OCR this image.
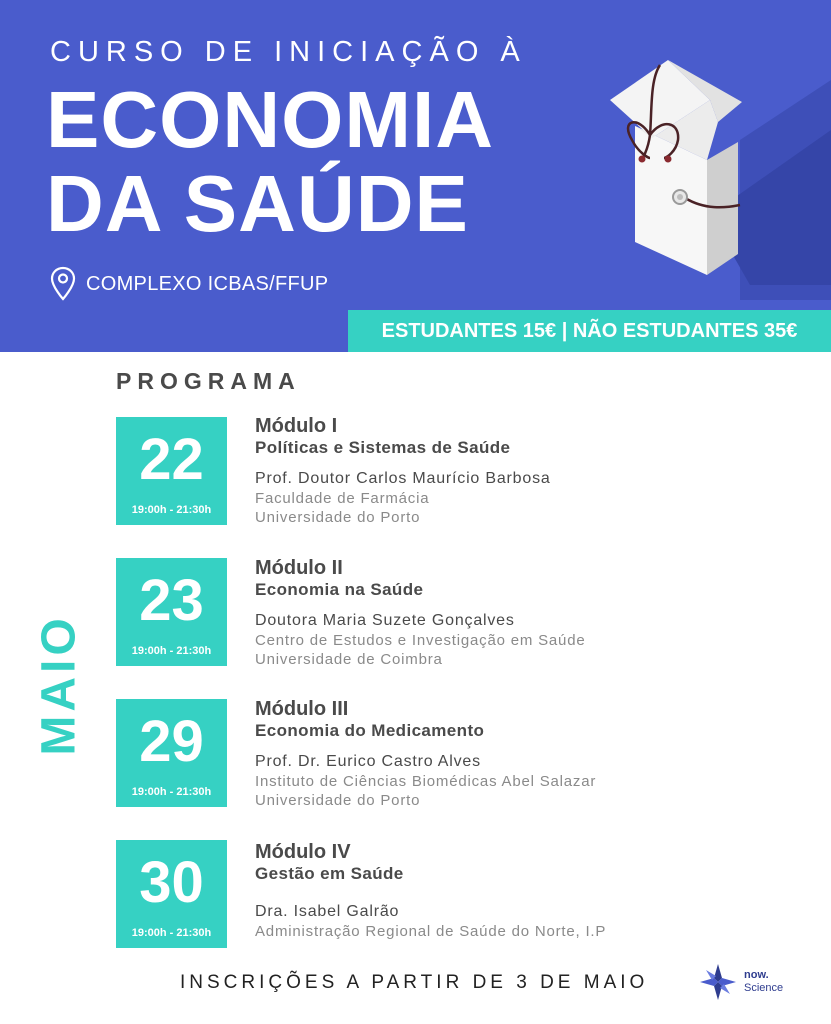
CURSO DE INICIAÇÃO À
ECONOMIA
DA SAÚDE
COMPLEXO ICBAS/FFUP
ESTUDANTES 15€ | NÃO ESTUDANTES 35€
PROGRAMA
MAIO
22
19:00h - 21:30h
Módulo I
Políticas e Sistemas de Saúde
Prof. Doutor Carlos Maurício Barbosa
Faculdade de Farmácia
Universidade do Porto
23
19:00h - 21:30h
Módulo II
Economia na Saúde
Doutora Maria Suzete Gonçalves
Centro de Estudos e Investigação em Saúde
Universidade de Coimbra
29
19:00h - 21:30h
Módulo III
Economia do Medicamento
Prof. Dr. Eurico Castro Alves
Instituto de Ciências Biomédicas Abel Salazar
Universidade do Porto
30
19:00h - 21:30h
Módulo IV
Gestão em Saúde
Dra. Isabel Galrão
Administração Regional de Saúde do Norte, I.P
INSCRIÇÕES A PARTIR DE 3 DE MAIO	now.
Science
